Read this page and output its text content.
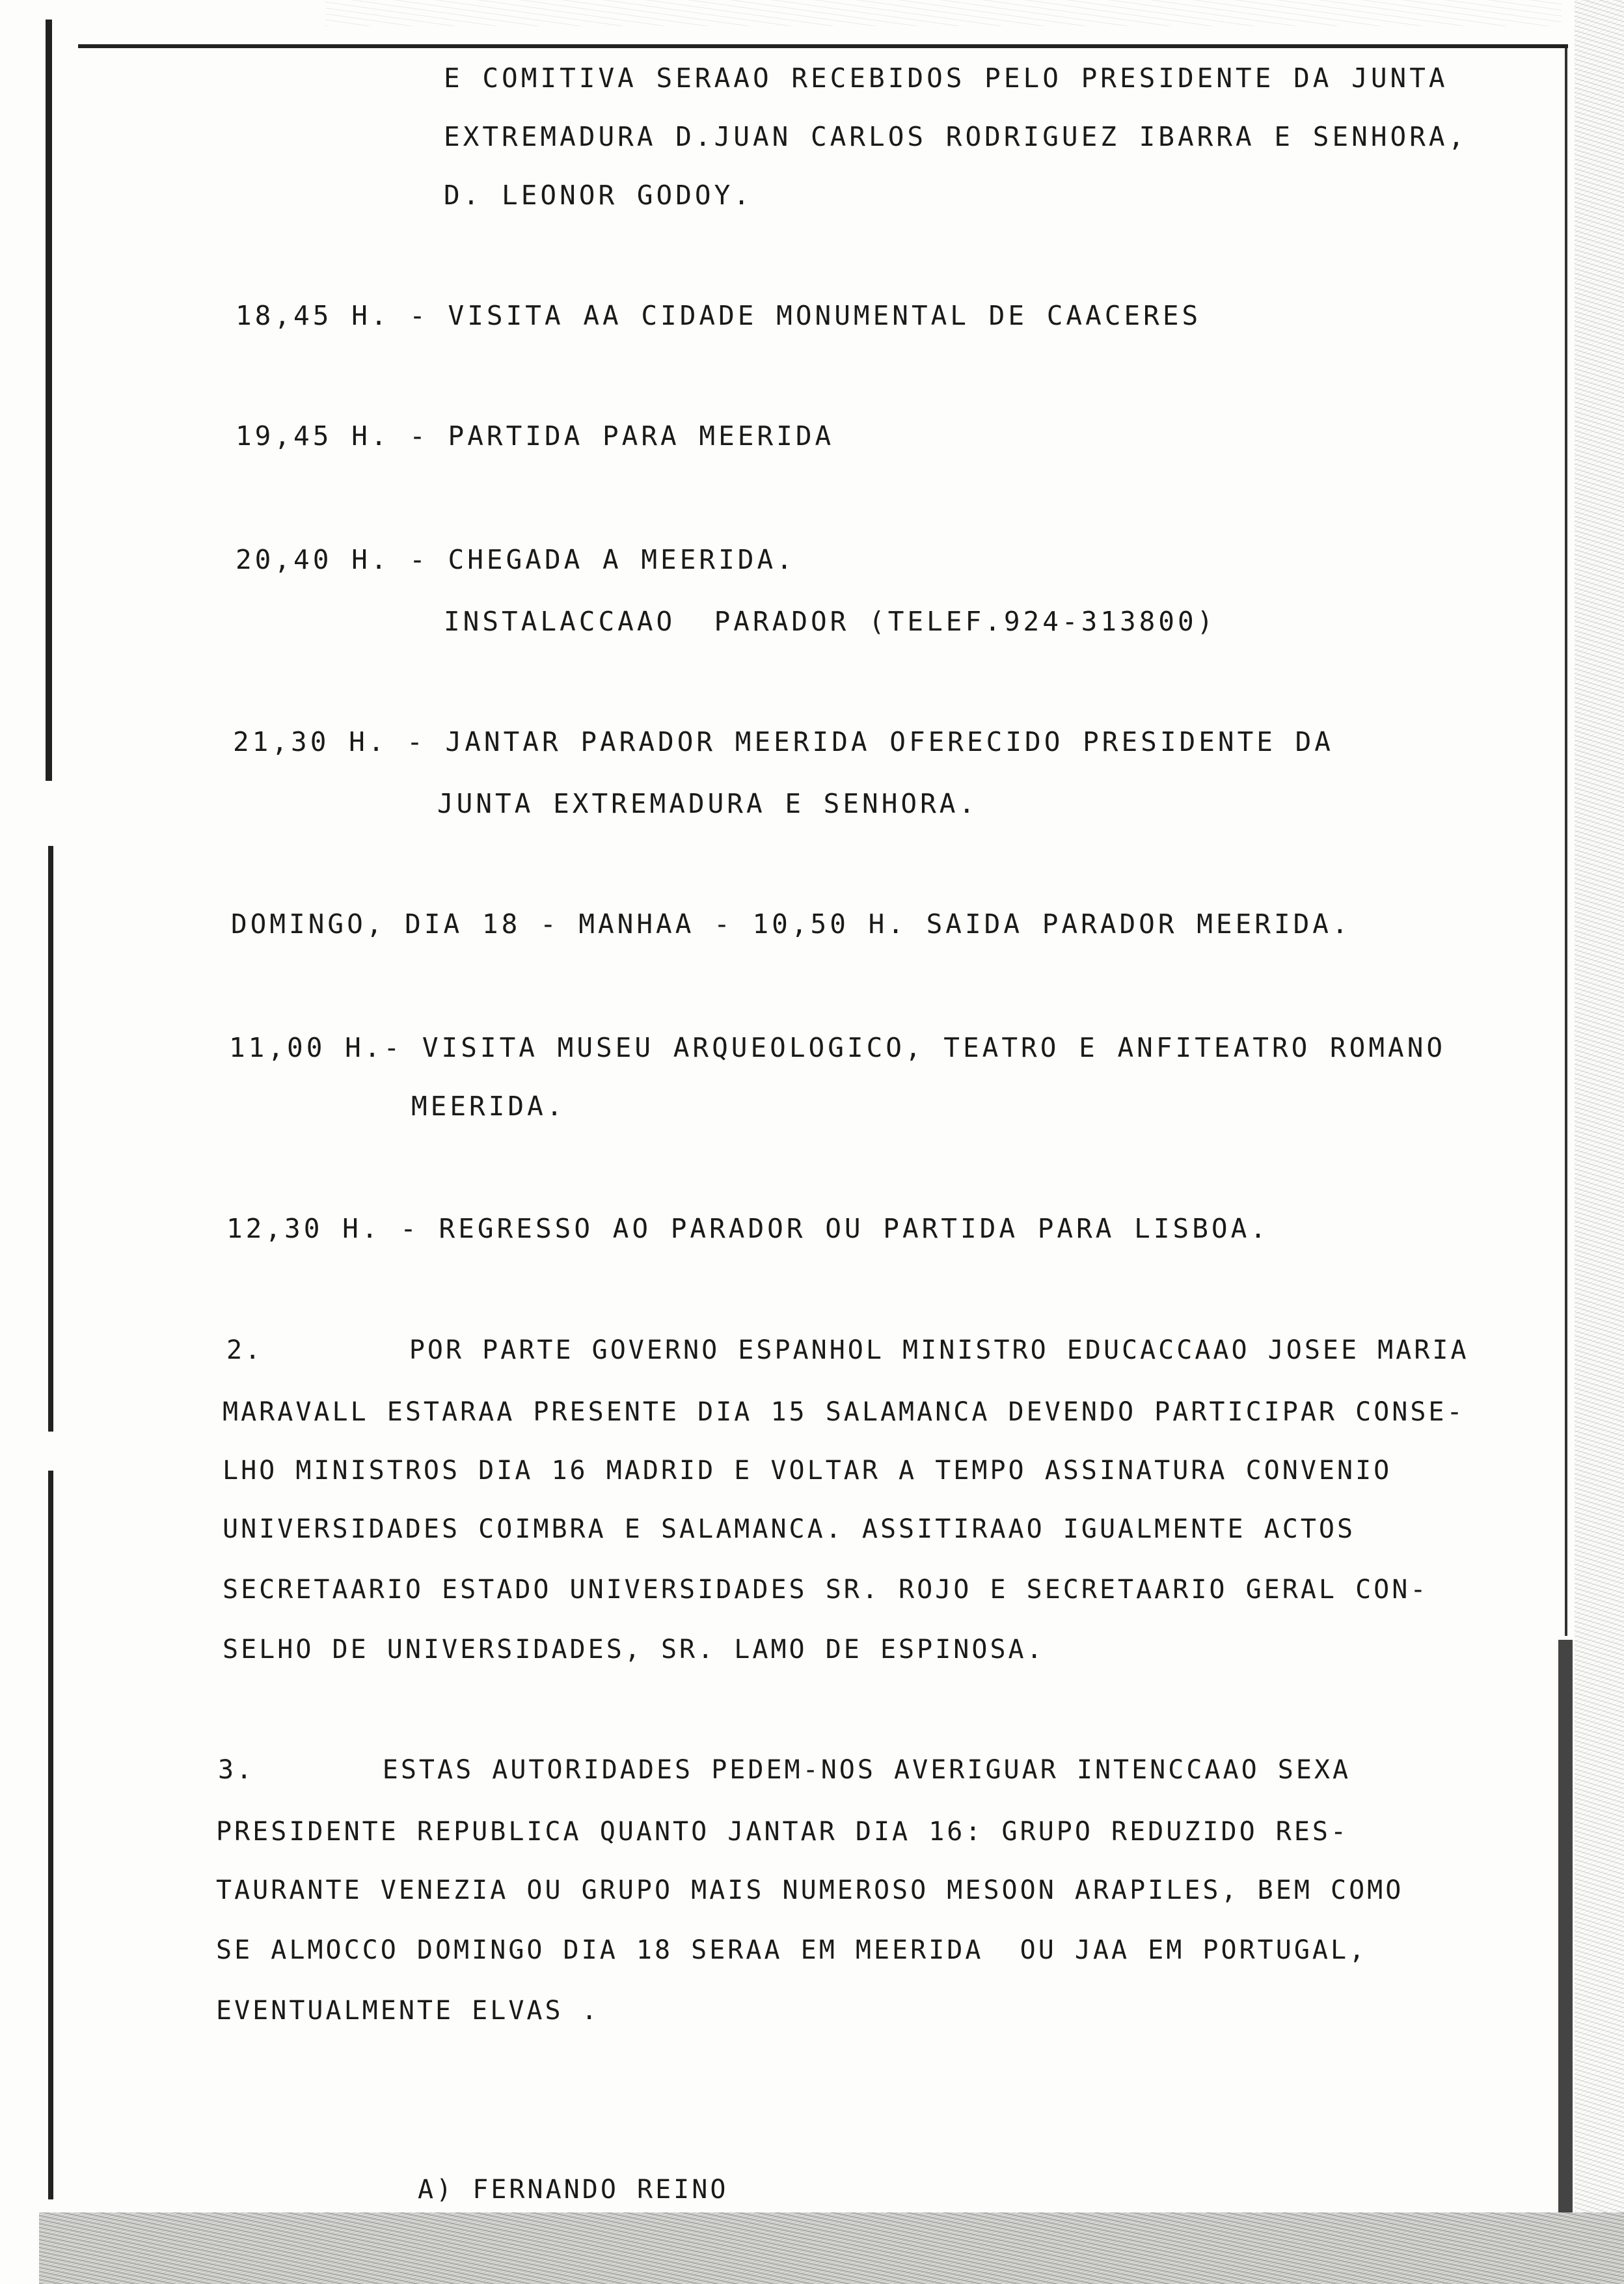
E COMITIVA SERAAO RECEBIDOS PELO PRESIDENTE DA JUNTA
EXTREMADURA D.JUAN CARLOS RODRIGUEZ IBARRA E SENHORA,
D. LEONOR GODOY.
18,45 H. - VISITA AA CIDADE MONUMENTAL DE CAACERES
19,45 H. - PARTIDA PARA MEERIDA
20,40 H. - CHEGADA A MEERIDA.
INSTALACCAAO  PARADOR (TELEF.924-313800)
21,30 H. - JANTAR PARADOR MEERIDA OFERECIDO PRESIDENTE DA
JUNTA EXTREMADURA E SENHORA.
DOMINGO, DIA 18 - MANHAA - 10,50 H. SAIDA PARADOR MEERIDA.
11,00 H.- VISITA MUSEU ARQUEOLOGICO, TEATRO E ANFITEATRO ROMANO
MEERIDA.
12,30 H. - REGRESSO AO PARADOR OU PARTIDA PARA LISBOA.
2.        POR PARTE GOVERNO ESPANHOL MINISTRO EDUCACCAAO JOSEE MARIA
MARAVALL ESTARAA PRESENTE DIA 15 SALAMANCA DEVENDO PARTICIPAR CONSE-
LHO MINISTROS DIA 16 MADRID E VOLTAR A TEMPO ASSINATURA CONVENIO
UNIVERSIDADES COIMBRA E SALAMANCA. ASSITIRAAO IGUALMENTE ACTOS
SECRETAARIO ESTADO UNIVERSIDADES SR. ROJO E SECRETAARIO GERAL CON-
SELHO DE UNIVERSIDADES, SR. LAMO DE ESPINOSA.
3.       ESTAS AUTORIDADES PEDEM-NOS AVERIGUAR INTENCCAAO SEXA
PRESIDENTE REPUBLICA QUANTO JANTAR DIA 16: GRUPO REDUZIDO RES-
TAURANTE VENEZIA OU GRUPO MAIS NUMEROSO MESOON ARAPILES, BEM COMO
SE ALMOCCO DOMINGO DIA 18 SERAA EM MEERIDA  OU JAA EM PORTUGAL,
EVENTUALMENTE ELVAS .
A) FERNANDO REINO
